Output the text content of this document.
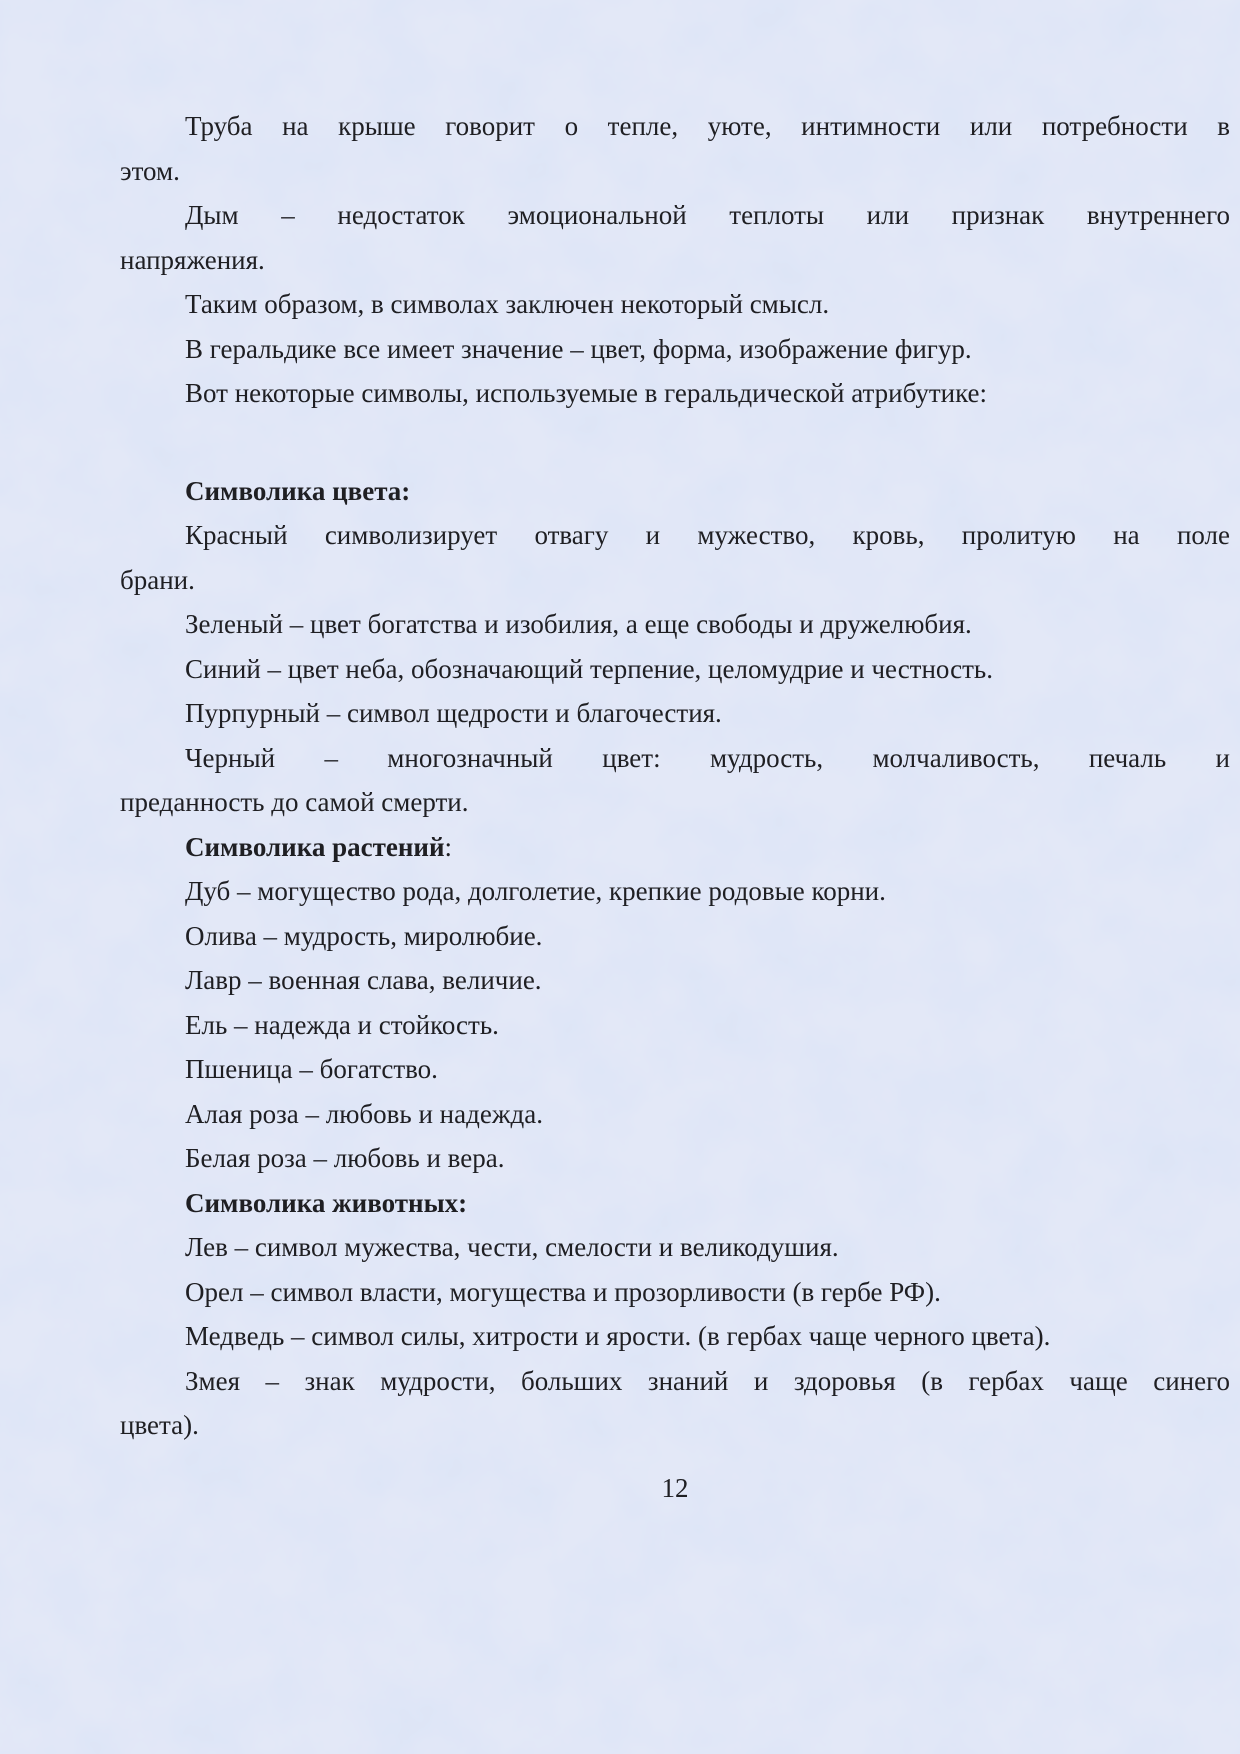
Труба на крыше говорит о тепле, уюте, интимности или потребности в
этом.
Дым – недостаток эмоциональной теплоты или признак внутреннего
напряжения.
Таким образом, в символах заключен некоторый смысл.
В геральдике все имеет значение – цвет, форма, изображение фигур.
Вот некоторые символы, используемые в геральдической атрибутике:
Символика цвета:
Красный символизирует отвагу и мужество, кровь, пролитую на поле
брани.
Зеленый – цвет богатства и изобилия, а еще свободы и дружелюбия.
Синий – цвет неба, обозначающий терпение, целомудрие и честность.
Пурпурный – символ щедрости и благочестия.
Черный – многозначный цвет: мудрость, молчаливость, печаль и
преданность до самой смерти.
Символика растений:
Дуб – могущество рода, долголетие, крепкие родовые корни.
Олива – мудрость, миролюбие.
Лавр – военная слава, величие.
Ель – надежда и стойкость.
Пшеница – богатство.
Алая роза – любовь и надежда.
Белая роза – любовь и вера.
Символика животных:
Лев – символ мужества, чести, смелости и великодушия.
Орел – символ власти, могущества и прозорливости (в гербе РФ).
Медведь – символ силы, хитрости и ярости. (в гербах чаще черного цвета).
Змея – знак мудрости, больших знаний и здоровья (в гербах чаще синего
цвета).
12
